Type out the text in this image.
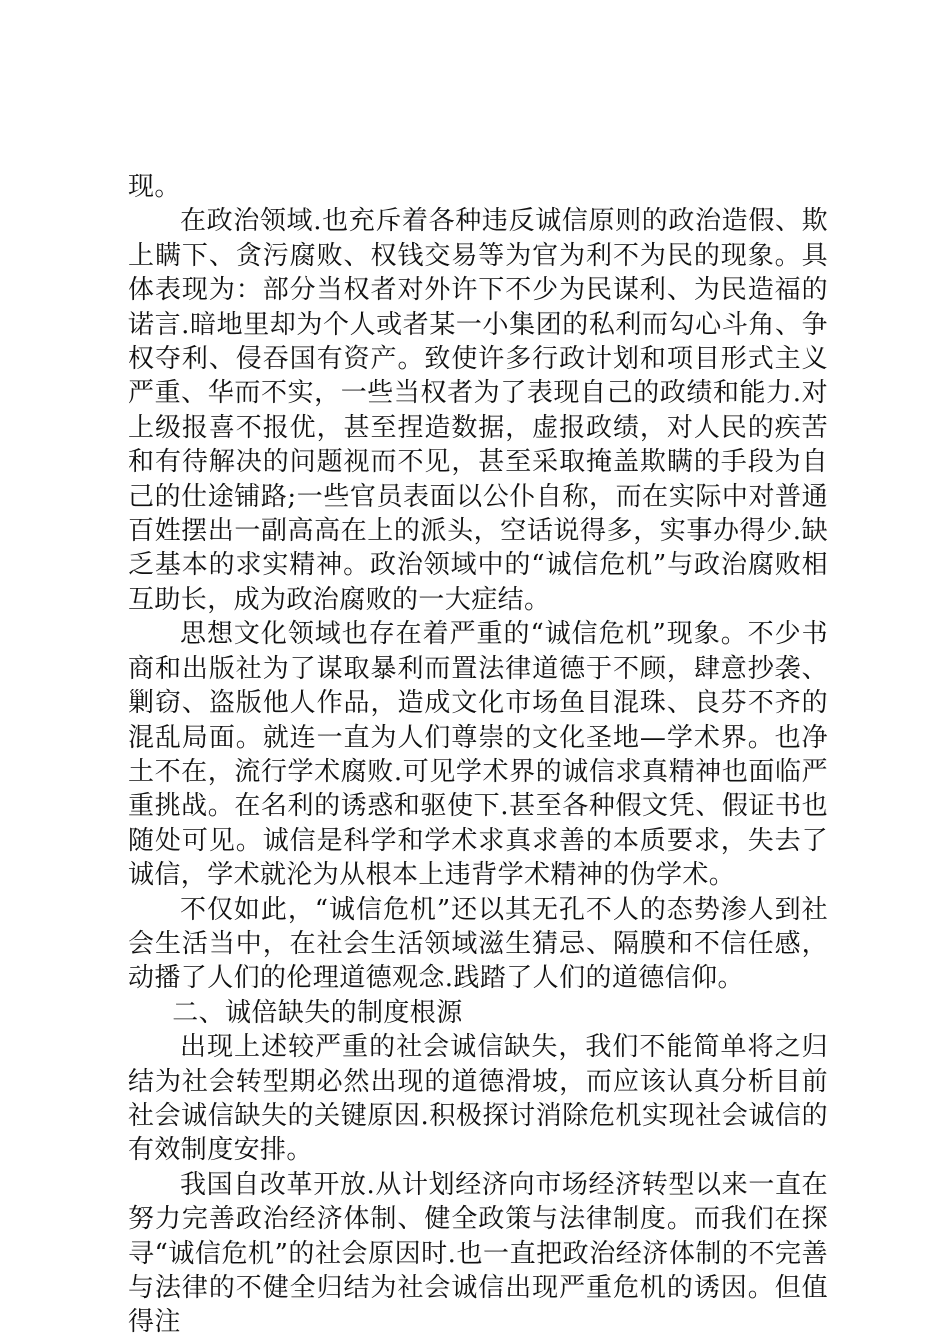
现。

在政治领域.也充斥着各种违反诚信原则的政治造假、欺上瞒下、贪污腐败、权钱交易等为官为利不为民的现象。具体表现为：部分当权者对外许下不少为民谋利、为民造福的诺言.暗地里却为个人或者某一小集团的私利而勾心斗角、争权夺利、侵吞国有资产。致使许多行政计划和项目形式主义严重、华而不实，一些当权者为了表现自己的政绩和能力.对上级报喜不报优，甚至捏造数据，虚报政绩，对人民的疾苦和有待解决的问题视而不见，甚至采取掩盖欺瞒的手段为自己的仕途铺路;一些官员表面以公仆自称，而在实际中对普通百姓摆出一副高高在上的派头，空话说得多，实事办得少.缺乏基本的求实精神。政治领域中的“诚信危机”与政治腐败相互助长，成为政治腐败的一大症结。

思想文化领域也存在着严重的“诚信危机”现象。不少书商和出版社为了谋取暴利而置法律道德于不顾，肆意抄袭、剿窃、盗版他人作品，造成文化市场鱼目混珠、良芬不齐的混乱局面。就连一直为人们尊崇的文化圣地—学术界。也净土不在，流行学术腐败.可见学术界的诚信求真精神也面临严重挑战。在名利的诱惑和驱使下.甚至各种假文凭、假证书也随处可见。诚信是科学和学术求真求善的本质要求，失去了诚信，学术就沦为从根本上违背学术精神的伪学术。

不仅如此，“诚信危机”还以其无孔不人的态势渗人到社会生活当中，在社会生活领域滋生猜忌、隔膜和不信任感，动播了人们的伦理道德观念.践踏了人们的道德信仰。

二、诚倍缺失的制度根源

出现上述较严重的社会诚信缺失，我们不能简单将之归结为社会转型期必然出现的道德滑坡，而应该认真分析目前社会诚信缺失的关键原因.积极探讨消除危机实现社会诚信的有效制度安排。

我国自改革开放.从计划经济向市场经济转型以来一直在努力完善政治经济体制、健全政策与法律制度。而我们在探寻“诚信危机”的社会原因时.也一直把政治经济体制的不完善与法律的不健全归结为社会诚信出现严重危机的诱因。但值得注
